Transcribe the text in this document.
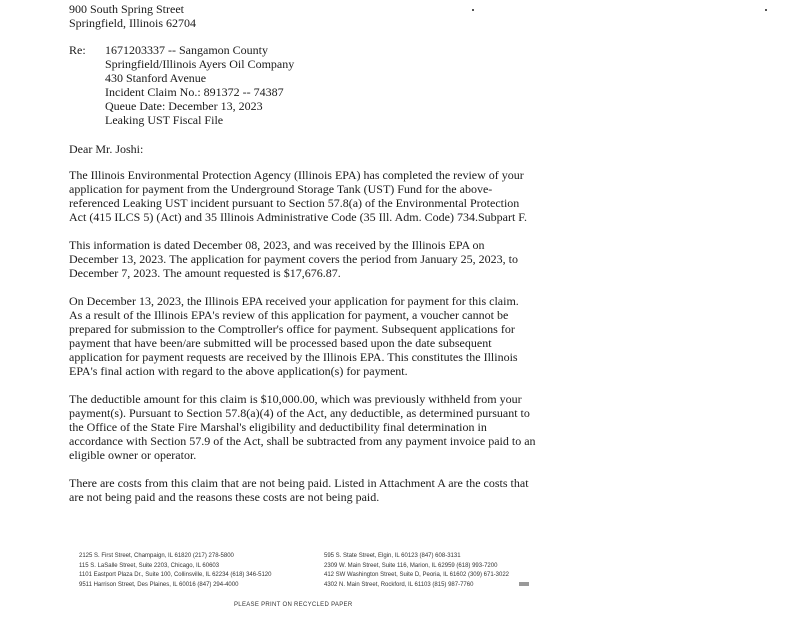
900 South Spring Street
Springfield, Illinois 62704
Re: 1671203337 -- Sangamon County
Springfield/Illinois Ayers Oil Company
430 Stanford Avenue
Incident Claim No.: 891372 -- 74387
Queue Date: December 13, 2023
Leaking UST Fiscal File
Dear Mr. Joshi:
The Illinois Environmental Protection Agency (Illinois EPA) has completed the review of your
application for payment from the Underground Storage Tank (UST) Fund for the above-
referenced Leaking UST incident pursuant to Section 57.8(a) of the Environmental Protection
Act (415 ILCS 5) (Act) and 35 Illinois Administrative Code (35 Ill. Adm. Code) 734.Subpart F.
This information is dated December 08, 2023, and was received by the Illinois EPA on
December 13, 2023. The application for payment covers the period from January 25, 2023, to
December 7, 2023. The amount requested is $17,676.87.
On December 13, 2023, the Illinois EPA received your application for payment for this claim.
As a result of the Illinois EPA's review of this application for payment, a voucher cannot be
prepared for submission to the Comptroller's office for payment. Subsequent applications for
payment that have been/are submitted will be processed based upon the date subsequent
application for payment requests are received by the Illinois EPA. This constitutes the Illinois
EPA's final action with regard to the above application(s) for payment.
The deductible amount for this claim is $10,000.00, which was previously withheld from your
payment(s). Pursuant to Section 57.8(a)(4) of the Act, any deductible, as determined pursuant to
the Office of the State Fire Marshal's eligibility and deductibility final determination in
accordance with Section 57.9 of the Act, shall be subtracted from any payment invoice paid to an
eligible owner or operator.
There are costs from this claim that are not being paid. Listed in Attachment A are the costs that
are not being paid and the reasons these costs are not being paid.
2125 S. First Street, Champaign, IL 61820 (217) 278-5800
115 S. LaSalle Street, Suite 2203, Chicago, IL 60603
1101 Eastport Plaza Dr., Suite 100, Collinsville, IL 62234 (618) 346-5120
9511 Harrison Street, Des Plaines, IL 60016 (847) 294-4000
595 S. State Street, Elgin, IL 60123 (847) 608-3131
2309 W. Main Street, Suite 116, Marion, IL 62959 (618) 993-7200
412 SW Washington Street, Suite D, Peoria, IL 61602 (309) 671-3022
4302 N. Main Street, Rockford, IL 61103 (815) 987-7760
PLEASE PRINT ON RECYCLED PAPER
